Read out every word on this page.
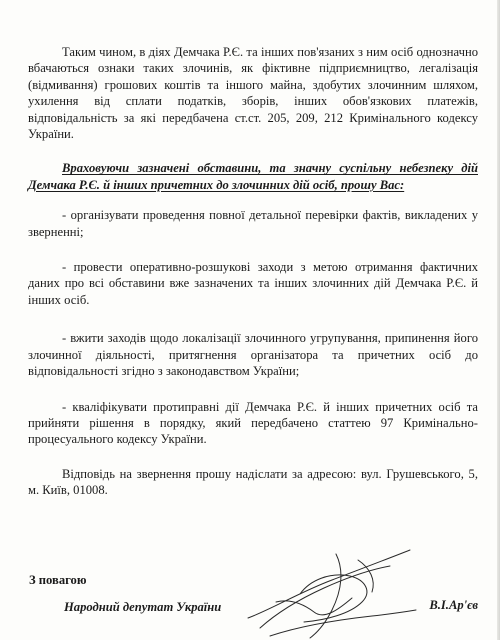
Таким чином, в діях Демчака Р.Є. та інших пов'язаних з ним осіб однозначно вбачаються ознаки таких злочинів, як фіктивне підприємництво, легалізація (відмивання) грошових коштів та іншого майна, здобутих злочинним шляхом, ухилення від сплати податків, зборів, інших обов'язкових платежів, відповідальність за які передбачена ст.ст. 205, 209, 212 Кримінального кодексу України.

Враховуючи зазначені обставини, та значну суспільну небезпеку дій Демчака Р.Є. й інших причетних до злочинних дій осіб, прошу Вас:

- організувати проведення повної детальної перевірки фактів, викладених у зверненні;

- провести оперативно-розшукові заходи з метою отримання фактичних даних про всі обставини вже зазначених та інших злочинних дій Демчака Р.Є. й інших осіб.

- вжити заходів щодо локалізації злочинного угрупування, припинення його злочинної діяльності, притягнення організатора та причетних осіб до відповідальності згідно з законодавством України;

- кваліфікувати протиправні дії Демчака Р.Є. й інших причетних осіб та прийняти рішення в порядку, який передбачено статтею 97 Кримінально-процесуального кодексу України.

Відповідь на звернення прошу надіслати за адресою: вул. Грушевського, 5, м. Київ, 01008.

З повагою
Народний депутат України	В.І.Ар'єв
